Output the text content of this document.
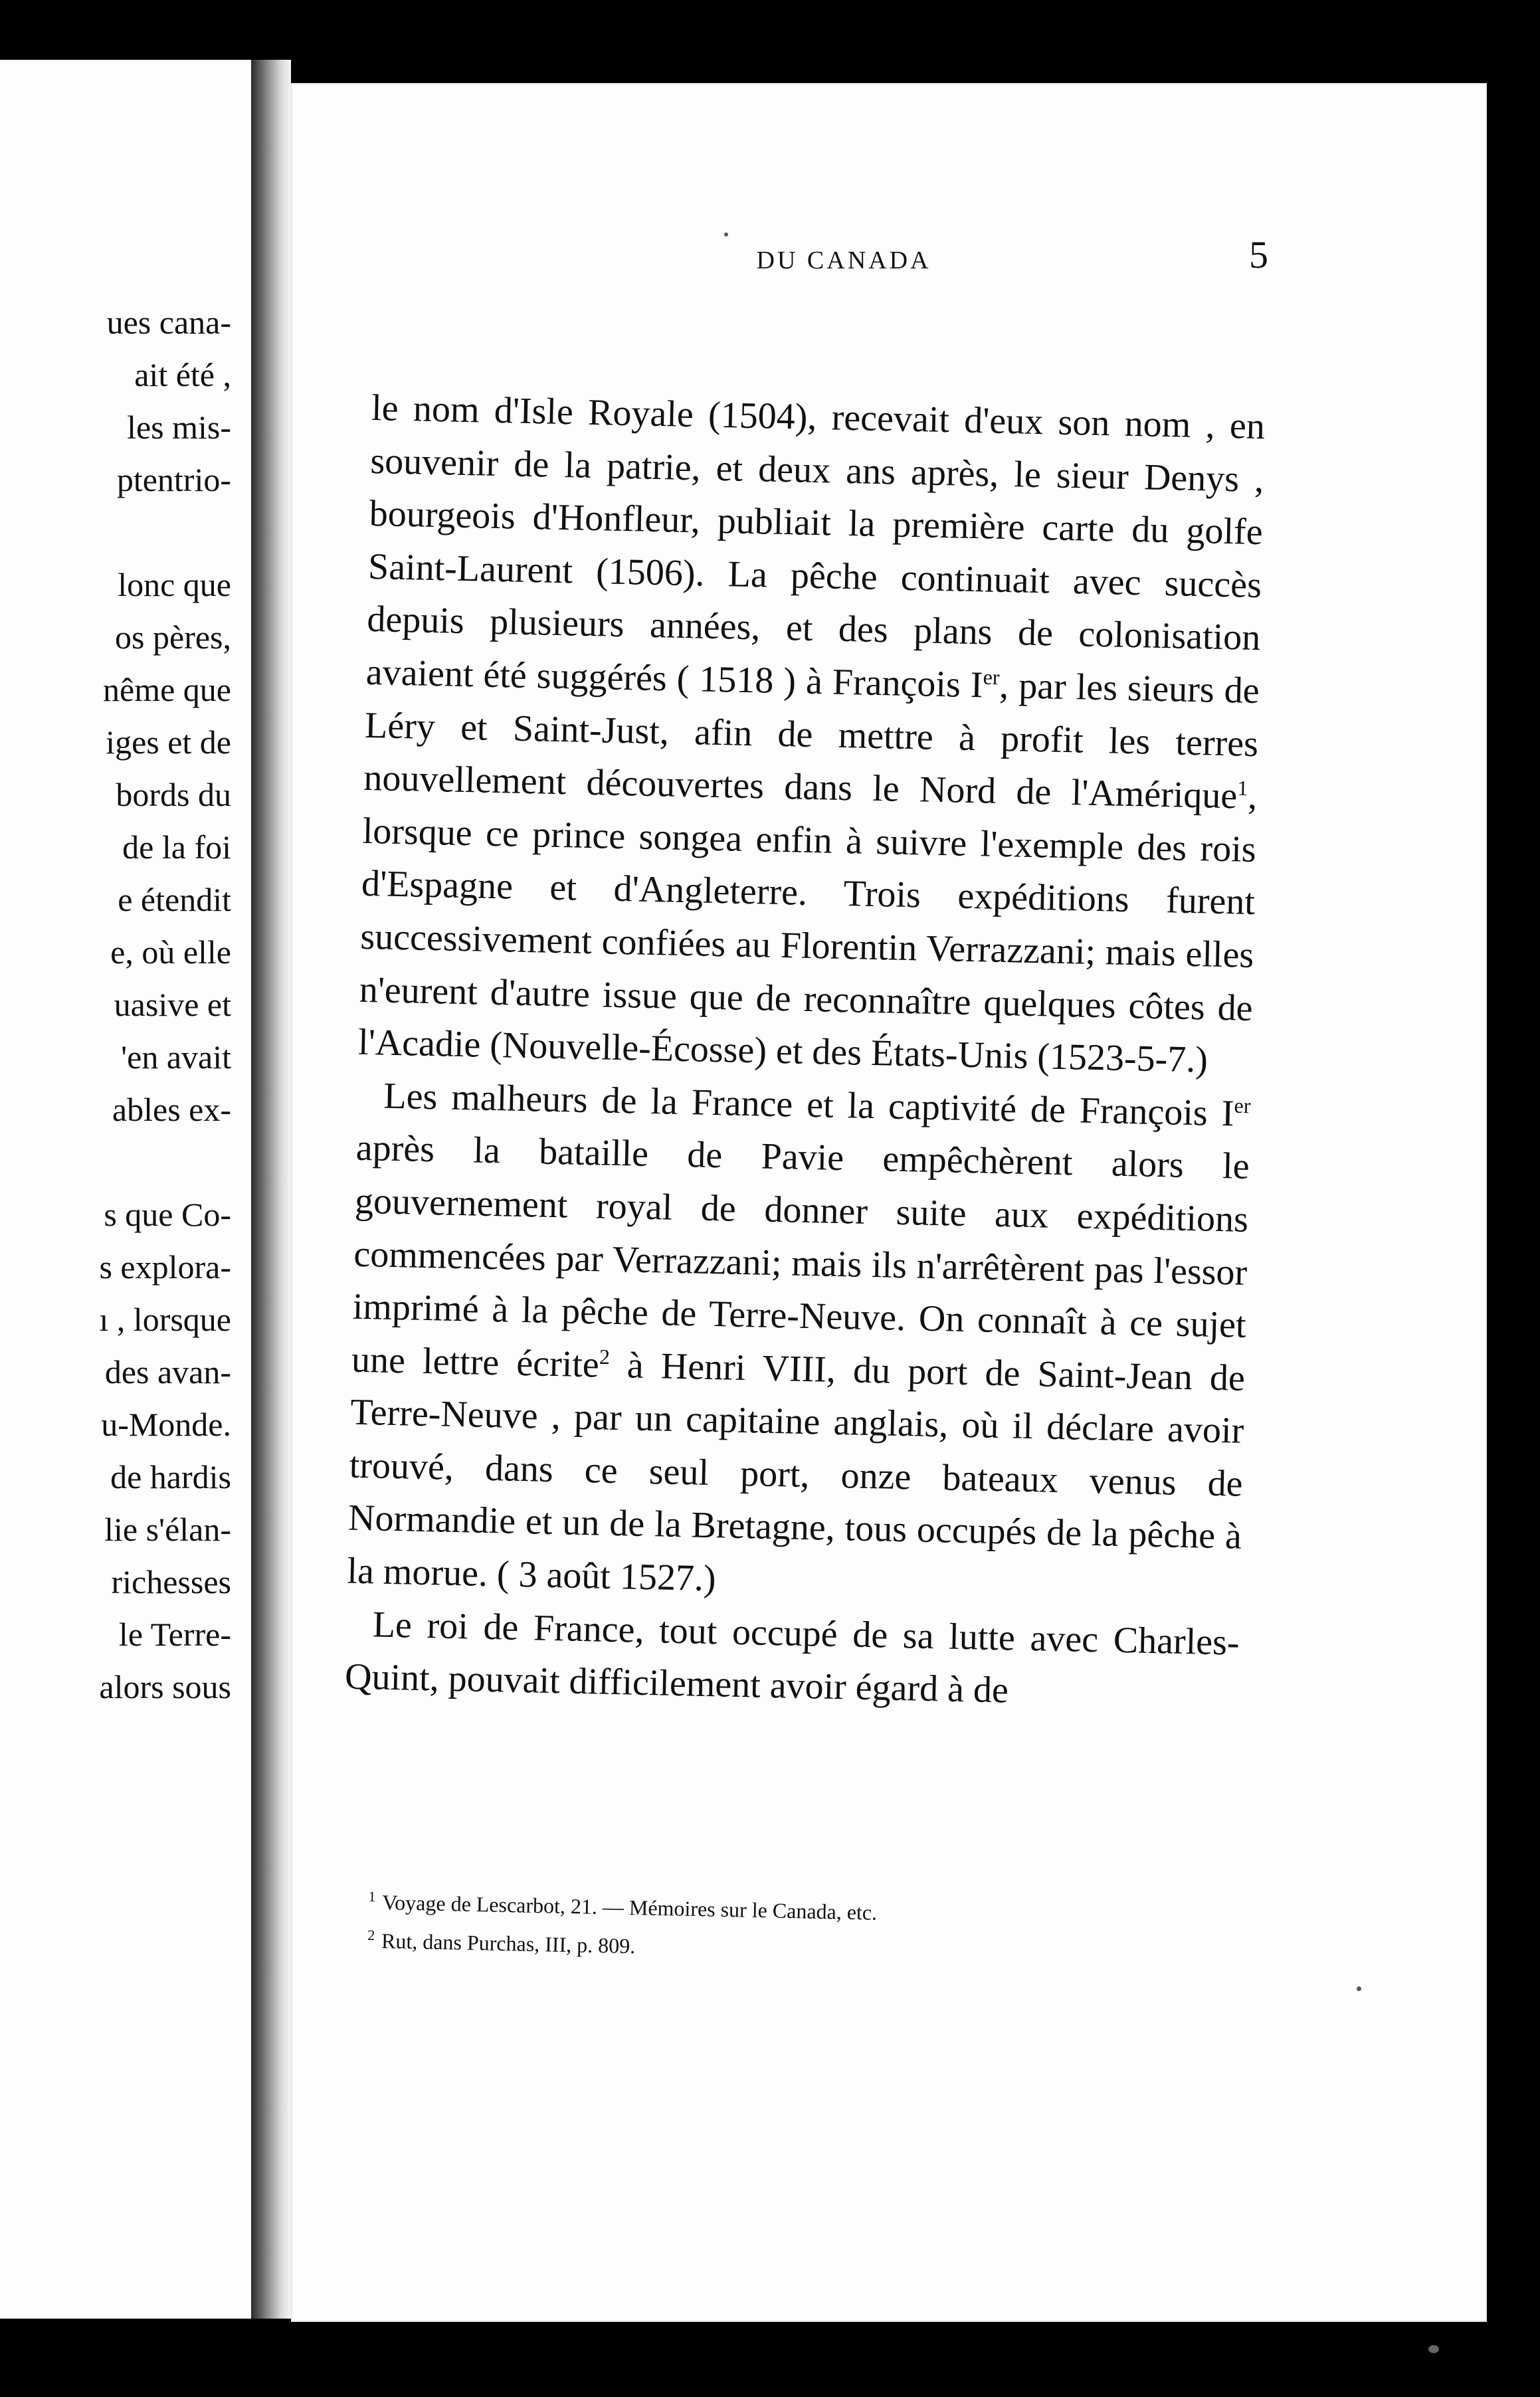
ues cana-
ait été ,
les mis-
ptentrio-
lonc que
os pères,
nême que
iges et de
bords du
de la foi
e étendit
e, où elle
uasive et
'en avait
ables ex-
s que Co-
s explora-
ı , lorsque
des avan-
u-Monde.
de hardis
lie s'élan-
richesses
le Terre-
alors sous
DU CANADA	5

le nom d'Isle Royale (1504), recevait d'eux son nom , en souvenir de la patrie, et deux ans après, le sieur Denys , bourgeois d'Honfleur, publiait la première carte du golfe Saint-Laurent (1506). La pêche continuait avec succès depuis plusieurs années, et des plans de colonisation avaient été suggérés ( 1518 ) à François Ier, par les sieurs de Léry et Saint-Just, afin de mettre à profit les terres nouvellement découvertes dans le Nord de l'Amérique$^1$, lorsque ce prince songea enfin à suivre l'exemple des rois d'Espagne et d'Angleterre. Trois expéditions furent successivement confiées au Florentin Verrazzani; mais elles n'eurent d'autre issue que de reconnaître quelques côtes de l'Acadie (Nouvelle-Écosse) et des États-Unis (1523-5-7.)

Les malheurs de la France et la captivité de François Ier après la bataille de Pavie empêchèrent alors le gouvernement royal de donner suite aux expéditions commencées par Verrazzani; mais ils n'arrêtèrent pas l'essor imprimé à la pêche de Terre-Neuve. On connaît à ce sujet une lettre écrite$^2$ à Henri VIII, du port de Saint-Jean de Terre-Neuve , par un capitaine anglais, où il déclare avoir trouvé, dans ce seul port, onze bateaux venus de Normandie et un de la Bretagne, tous occupés de la pêche à la morue. ( 3 août 1527.)

Le roi de France, tout occupé de sa lutte avec Charles-Quint, pouvait difficilement avoir égard à de

$^1$ Voyage de Lescarbot, 21. — Mémoires sur le Canada, etc.
$^2$ Rut, dans Purchas, III, p. 809.
